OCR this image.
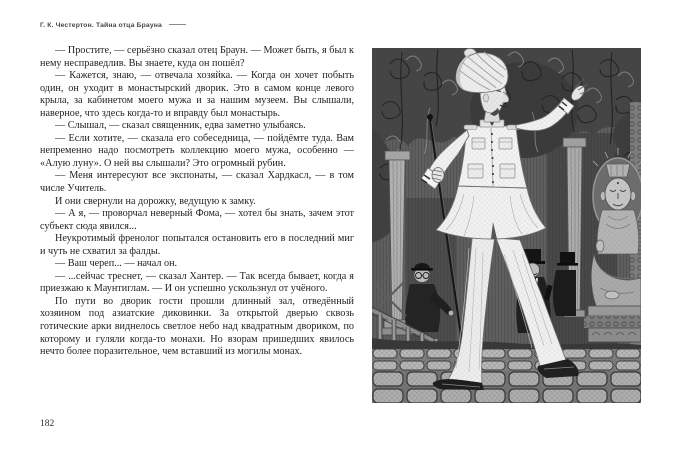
Г. К. Честертон. Тайна отца Брауна

— Простите, — серьёзно сказал отец Браун. — Может быть, я был к нему несправедлив. Вы знаете, куда он пошёл?

— Кажется, знаю, — отвечала хозяйка. — Когда он хочет побыть один, он уходит в монастырский дворик. Это в самом конце левого крыла, за кабинетом моего мужа и за нашим музеем. Вы слышали, наверное, что здесь когда-то и вправду был монастырь.

— Слышал, — сказал священник, едва заметно улыбаясь.

— Если хотите, — сказала его собеседница, — пойдёмте туда. Вам непременно надо посмотреть коллекцию моего мужа, особенно — «Алую луну». О ней вы слышали? Это огромный рубин.

— Меня интересуют все экспонаты, — сказал Хардкасл, — в том числе Учитель.

И они свернули на дорожку, ведущую к замку.

— А я, — проворчал неверный Фома, — хотел бы знать, зачем этот субъект сюда явился...

Неукротимый френолог попытался остановить его в последний миг и чуть не схватил за фалды.

— Ваш череп... — начал он.

— ...сейчас треснет, — сказал Хантер. — Так всегда бывает, когда я приезжаю к Маунтиглам. — И он успешно ускользнул от учёного.

По пути во дворик гости прошли длинный зал, отведённый хозяином под азиатские диковинки. За открытой дверью сквозь готические арки виднелось светлое небо над квадратным двориком, по которому и гуляли когда-то монахи. Но взорам пришедших явилось нечто более поразительное, чем вставший из могилы монах.

182
